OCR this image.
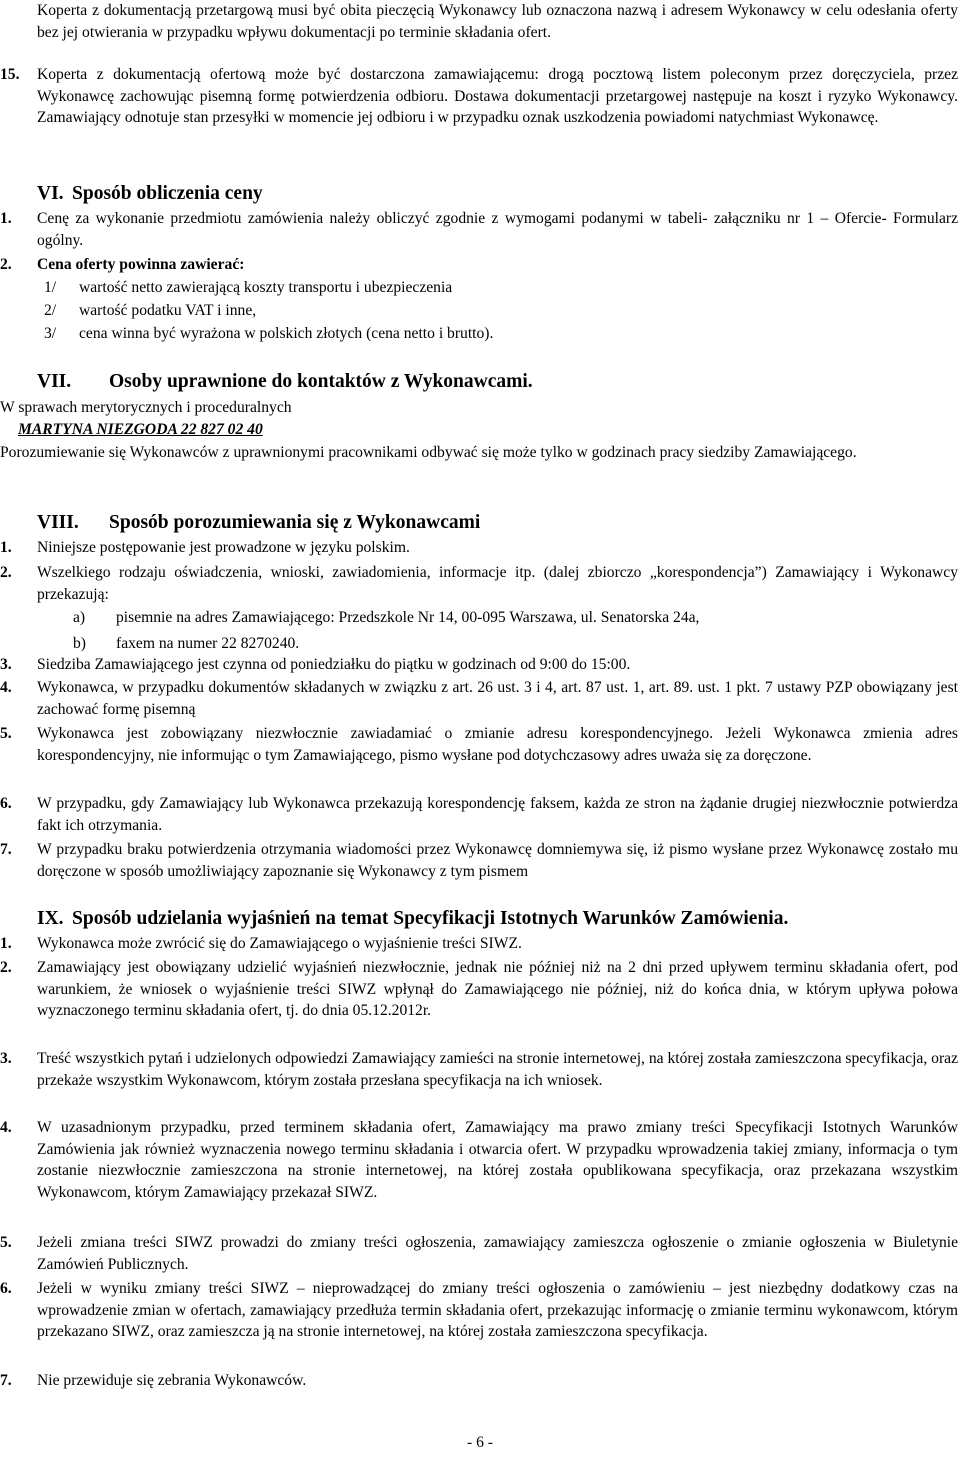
Koperta z dokumentacją przetargową musi być obita pieczęcią Wykonawcy lub oznaczona nazwą i adresem Wykonawcy w celu odesłania oferty bez jej otwierania w przypadku wpływu dokumentacji po terminie składania ofert.
15. Koperta z dokumentacją ofertową może być dostarczona zamawiającemu: drogą pocztową listem poleconym przez doręczyciela, przez Wykonawcę zachowując pisemną formę potwierdzenia odbioru. Dostawa dokumentacji przetargowej następuje na koszt i ryzyko Wykonawcy. Zamawiający odnotuje stan przesyłki w momencie jej odbioru i w przypadku oznak uszkodzenia powiadomi natychmiast Wykonawcę.
VI. Sposób obliczenia ceny
1. Cenę za wykonanie przedmiotu zamówienia należy obliczyć zgodnie z wymogami podanymi w tabeli- załączniku nr 1 – Ofercie- Formularz ogólny.
2. Cena oferty powinna zawierać:
1/ wartość netto zawierającą koszty transportu i ubezpieczenia
2/ wartość podatku VAT i inne,
3/ cena winna być wyrażona w polskich złotych (cena netto i brutto).
VII. Osoby uprawnione do kontaktów z Wykonawcami.
W sprawach merytorycznych i proceduralnych
MARTYNA NIEZGODA 22 827 02 40
Porozumiewanie się Wykonawców z uprawnionymi pracownikami odbywać się może tylko w godzinach pracy siedziby Zamawiającego.
VIII. Sposób porozumiewania się z Wykonawcami
1. Niniejsze postępowanie jest prowadzone w języku polskim.
2. Wszelkiego rodzaju oświadczenia, wnioski, zawiadomienia, informacje itp. (dalej zbiorczo „korespondencja”) Zamawiający i Wykonawcy przekazują:
a) pisemnie na adres Zamawiającego: Przedszkole Nr 14, 00-095 Warszawa, ul. Senatorska 24a,
b) faxem na numer 22 8270240.
3. Siedziba Zamawiającego jest czynna od poniedziałku do piątku w godzinach od 9:00 do 15:00.
4. Wykonawca, w przypadku dokumentów składanych w związku z art. 26 ust. 3 i 4, art. 87 ust. 1, art. 89. ust. 1 pkt. 7 ustawy PZP obowiązany jest zachować formę pisemną
5. Wykonawca jest zobowiązany niezwłocznie zawiadamiać o zmianie adresu korespondencyjnego. Jeżeli Wykonawca zmienia adres korespondencyjny, nie informując o tym Zamawiającego, pismo wysłane pod dotychczasowy adres uważa się za doręczone.
6. W przypadku, gdy Zamawiający lub Wykonawca przekazują korespondencję faksem, każda ze stron na żądanie drugiej niezwłocznie potwierdza fakt ich otrzymania.
7. W przypadku braku potwierdzenia otrzymania wiadomości przez Wykonawcę domniemywa się, iż pismo wysłane przez Wykonawcę zostało mu doręczone w sposób umożliwiający zapoznanie się Wykonawcy z tym pismem
IX. Sposób udzielania wyjaśnień na temat Specyfikacji Istotnych Warunków Zamówienia.
1. Wykonawca może zwrócić się do Zamawiającego o wyjaśnienie treści SIWZ.
2. Zamawiający jest obowiązany udzielić wyjaśnień niezwłocznie, jednak nie później niż na 2 dni przed upływem terminu składania ofert, pod warunkiem, że wniosek o wyjaśnienie treści SIWZ wpłynął do Zamawiającego nie później, niż do końca dnia, w którym upływa połowa wyznaczonego terminu składania ofert, tj. do dnia 05.12.2012r.
3. Treść wszystkich pytań i udzielonych odpowiedzi Zamawiający zamieści na stronie internetowej, na której została zamieszczona specyfikacja, oraz przekaże wszystkim Wykonawcom, którym została przesłana specyfikacja na ich wniosek.
4. W uzasadnionym przypadku, przed terminem składania ofert, Zamawiający ma prawo zmiany treści Specyfikacji Istotnych Warunków Zamówienia jak również wyznaczenia nowego terminu składania i otwarcia ofert. W przypadku wprowadzenia takiej zmiany, informacja o tym zostanie niezwłocznie zamieszczona na stronie internetowej, na której została opublikowana specyfikacja, oraz przekazana wszystkim Wykonawcom, którym Zamawiający przekazał SIWZ.
5. Jeżeli zmiana treści SIWZ prowadzi do zmiany treści ogłoszenia, zamawiający zamieszcza ogłoszenie o zmianie ogłoszenia w Biuletynie Zamówień Publicznych.
6. Jeżeli w wyniku zmiany treści SIWZ – nieprowadzącej do zmiany treści ogłoszenia o zamówieniu – jest niezbędny dodatkowy czas na wprowadzenie zmian w ofertach, zamawiający przedłuża termin składania ofert, przekazując informację o zmianie terminu wykonawcom, którym przekazano SIWZ, oraz zamieszcza ją na stronie internetowej, na której została zamieszczona specyfikacja.
7. Nie przewiduje się zebrania Wykonawców.
- 6 -
